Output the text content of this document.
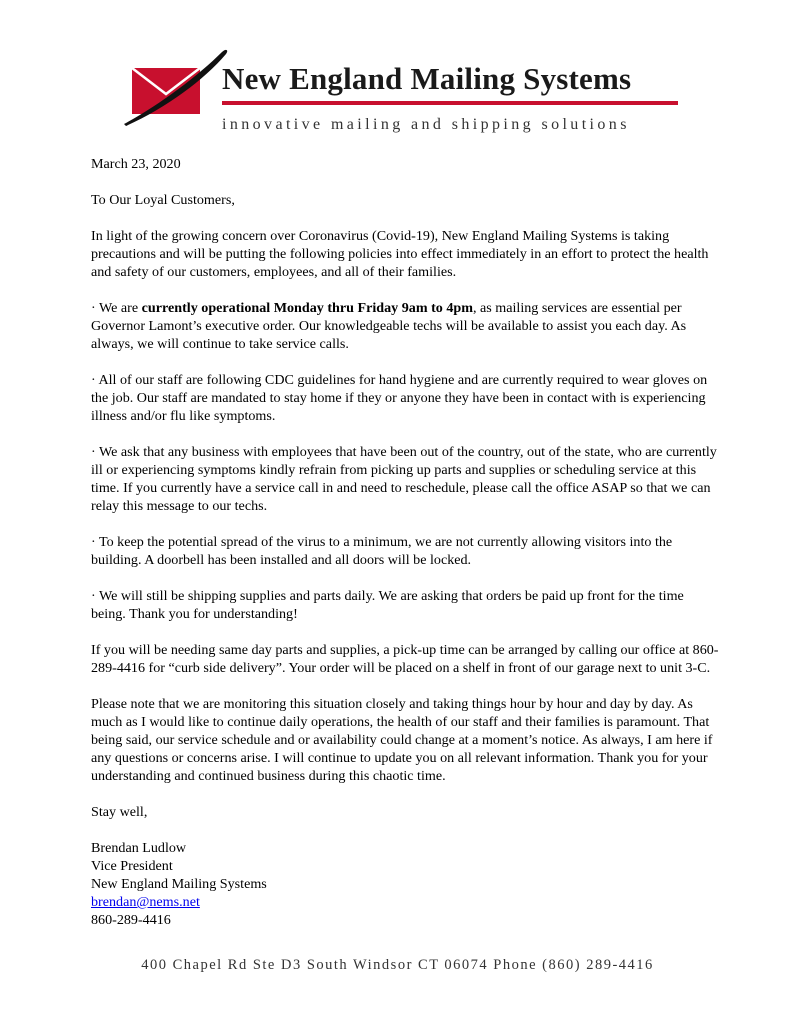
New England Mailing Systems
innovative mailing and shipping solutions

March 23, 2020

To Our Loyal Customers,

In light of the growing concern over Coronavirus (Covid-19), New England Mailing Systems is taking precautions and will be putting the following policies into effect immediately in an effort to protect the health and safety of our customers, employees, and all of their families.

· We are currently operational Monday thru Friday 9am to 4pm, as mailing services are essential per Governor Lamont’s executive order. Our knowledgeable techs will be available to assist you each day. As always, we will continue to take service calls.

· All of our staff are following CDC guidelines for hand hygiene and are currently required to wear gloves on the job. Our staff are mandated to stay home if they or anyone they have been in contact with is experiencing illness and/or flu like symptoms.

· We ask that any business with employees that have been out of the country, out of the state, who are currently ill or experiencing symptoms kindly refrain from picking up parts and supplies or scheduling service at this time. If you currently have a service call in and need to reschedule, please call the office ASAP so that we can relay this message to our techs.

· To keep the potential spread of the virus to a minimum, we are not currently allowing visitors into the building. A doorbell has been installed and all doors will be locked.

· We will still be shipping supplies and parts daily. We are asking that orders be paid up front for the time being. Thank you for understanding!

If you will be needing same day parts and supplies, a pick-up time can be arranged by calling our office at 860-289-4416 for “curb side delivery”. Your order will be placed on a shelf in front of our garage next to unit 3-C.

Please note that we are monitoring this situation closely and taking things hour by hour and day by day. As much as I would like to continue daily operations, the health of our staff and their families is paramount. That being said, our service schedule and or availability could change at a moment’s notice. As always, I am here if any questions or concerns arise. I will continue to update you on all relevant information. Thank you for your understanding and continued business during this chaotic time.

Stay well,

Brendan Ludlow

Vice President

New England Mailing Systems

brendan@nems.net

860-289-4416

400 Chapel Rd Ste D3 South Windsor CT 06074 Phone (860) 289-4416
